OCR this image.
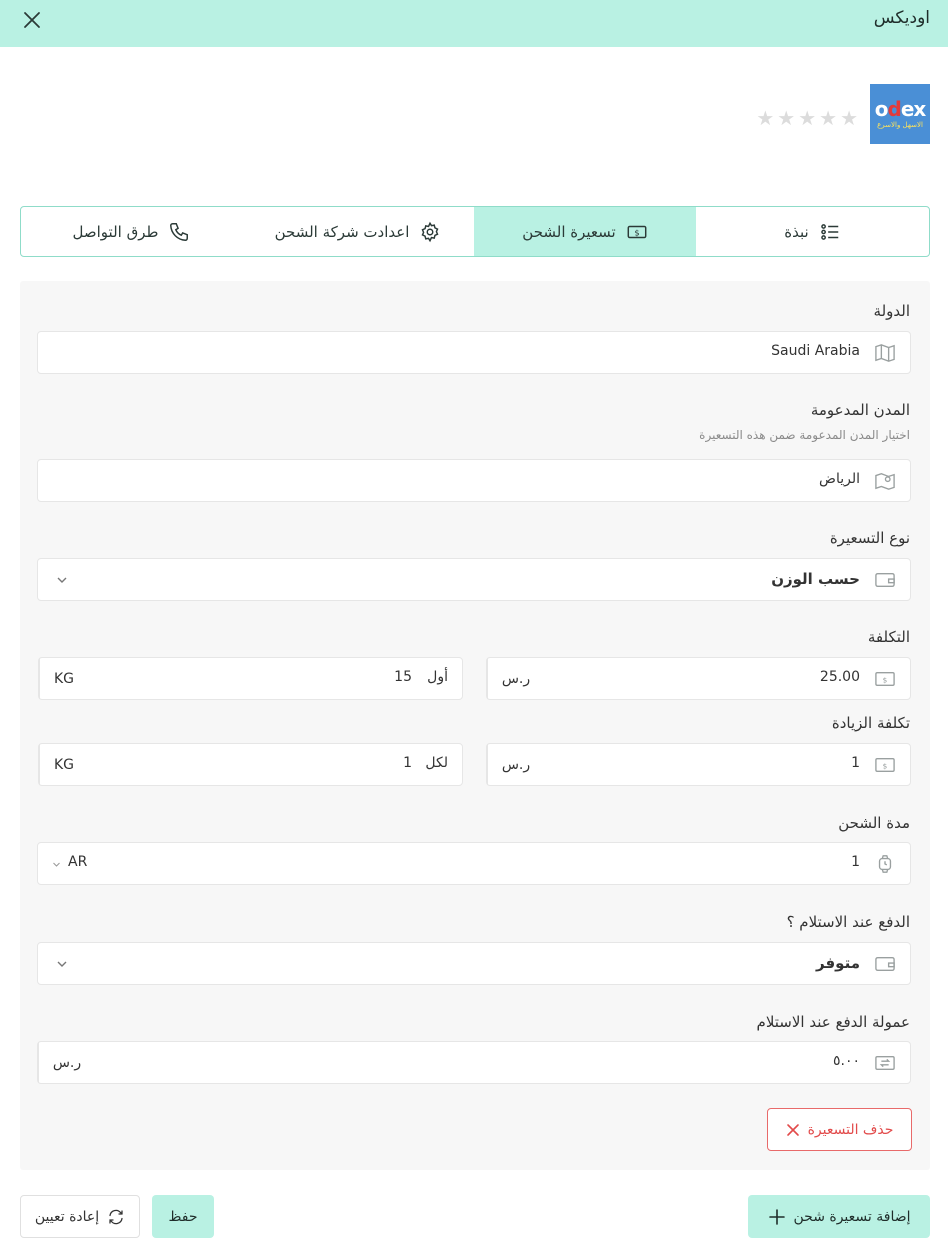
اوديكس
odex
الاسهل والاسرع
★ ★ ★ ★ ★
نبذة
$
تسعيرة الشحن
اعدادت شركة الشحن
طرق التواصل
الدولة
Saudi Arabia
المدن المدعومة
اختيار المدن المدعومة ضمن هذه التسعيرة
الرياض
نوع التسعيرة
حسب الوزن
التكلفة
$
25.00
ر.س
أول
15
KG
تكلفة الزيادة
$
1
ر.س
لكل
1
KG
مدة الشحن
1
AR
الدفع عند الاستلام ؟
متوفر
عمولة الدفع عند الاستلام
٥.٠٠
ر.س
حذف التسعيرة
إضافة تسعيرة شحن
حفظ
إعادة تعيين
